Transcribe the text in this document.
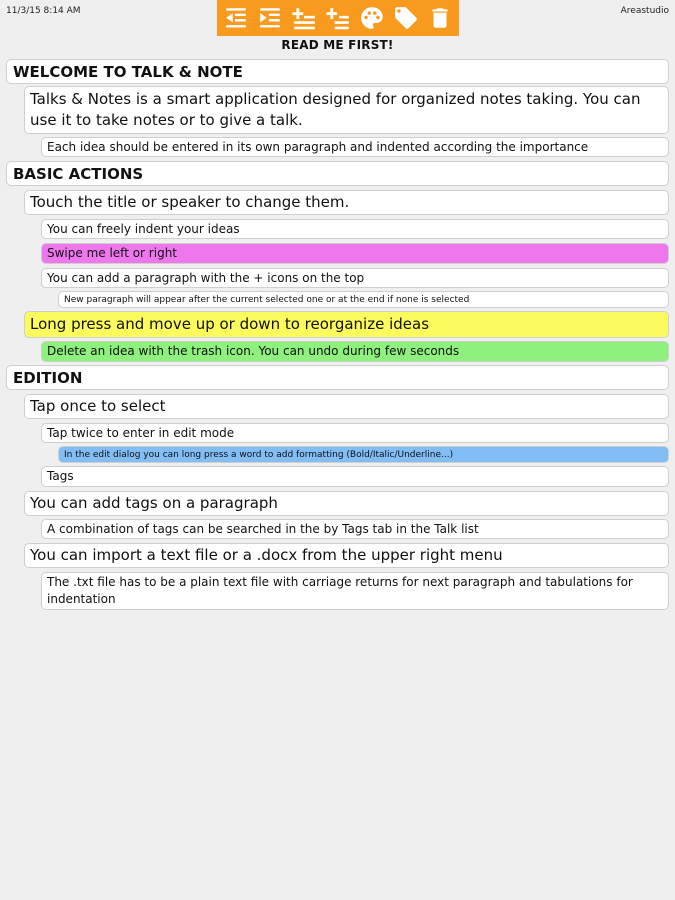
11/3/15 8:14 AM	Areastudio
READ ME FIRST!
WELCOME TO TALK & NOTE
Talks & Notes is a smart application designed for organized notes taking. You can use it to take notes or to give a talk.
Each idea should be entered in its own paragraph and indented according the importance
BASIC ACTIONS
Touch the title or speaker to change them.
You can freely indent your ideas
Swipe me left or right
You can add a paragraph with the + icons on the top
New paragraph will appear after the current selected one or at the end if none is selected
Long press and move up or down to reorganize ideas
Delete an idea with the trash icon. You can undo during few seconds
EDITION
Tap once to select
Tap twice to enter in edit mode
In the edit dialog you can long press a word to add formatting (Bold/Italic/Underline...)
Tags
You can add tags on a paragraph
A combination of tags can be searched in the by Tags tab in the Talk list
You can import a text file or a .docx from the upper right menu
The .txt file has to be a plain text file with carriage returns for next paragraph and tabulations for indentation
